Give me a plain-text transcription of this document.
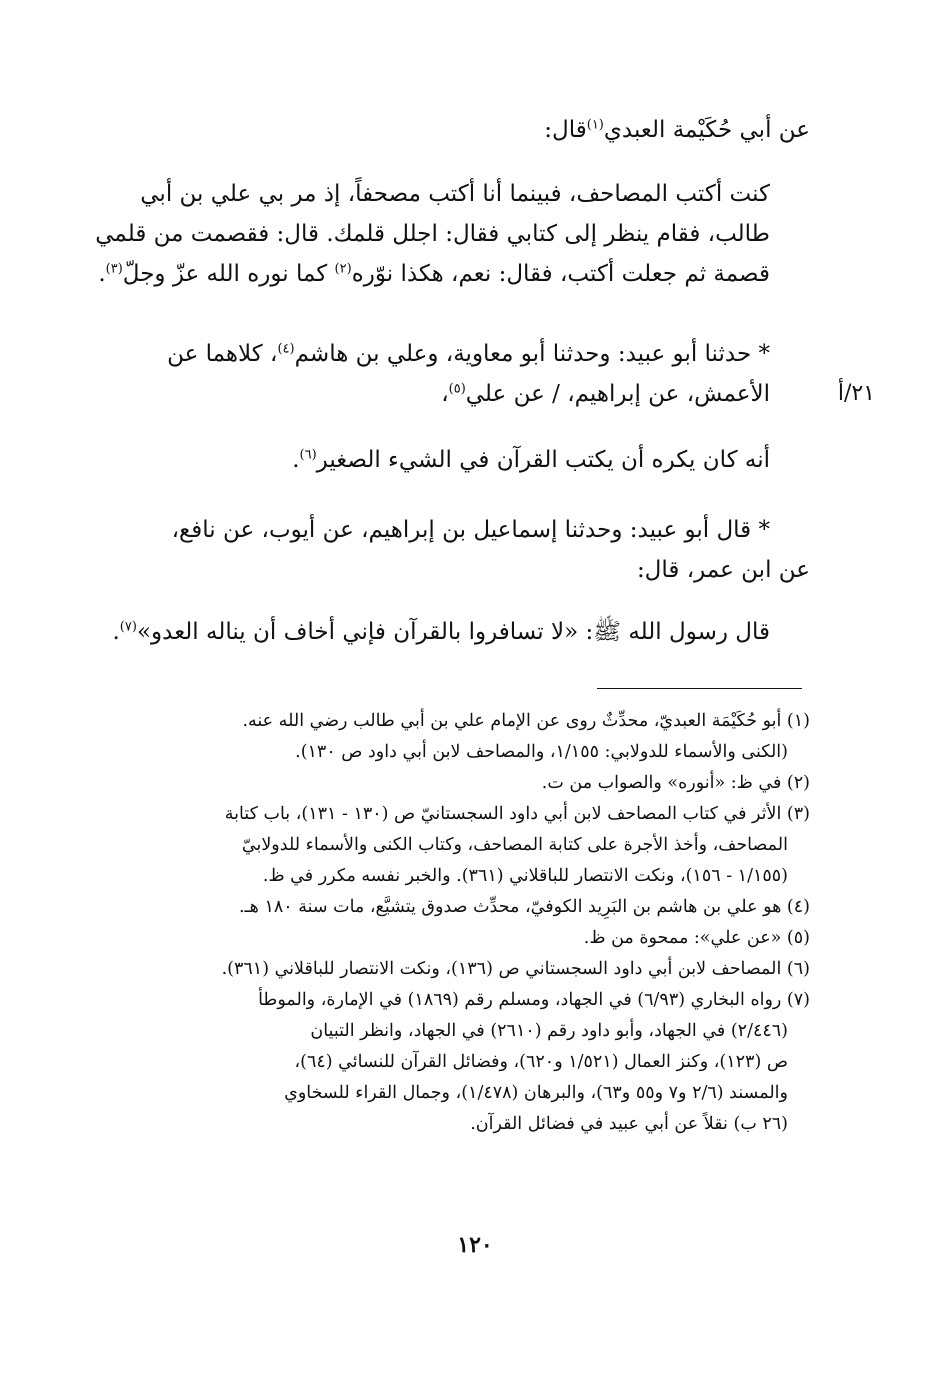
عن أبي حُكَيْمة العبدي$^{(١)}$قال:
كنت أكتب المصاحف، فبينما أنا أكتب مصحفاً، إذ مر بي علي بن أبي
طالب، فقام ينظر إلى كتابي فقال: اجلل قلمك. قال: فقصمت من قلمي
قصمة ثم جعلت أكتب، فقال: نعم، هكذا نوّره$^{(٢)}$ كما نوره الله عزّ وجلّ$^{(٣)}$.
* حدثنا أبو عبيد: وحدثنا أبو معاوية، وعلي بن هاشم$^{(٤)}$، كلاهما عن
الأعمش، عن إبراهيم، / عن علي$^{(٥)}$،	٢١/أ
أنه كان يكره أن يكتب القرآن في الشيء الصغير$^{(٦)}$.
* قال أبو عبيد: وحدثنا إسماعيل بن إبراهيم، عن أيوب، عن نافع،
عن ابن عمر، قال:
قال رسول الله ﷺ: «لا تسافروا بالقرآن فإني أخاف أن يناله العدو»$^{(٧)}$.
(١) أبو حُكَيْمَة العبديّ، محدِّثٌ روى عن الإمام علي بن أبي طالب رضي الله عنه.
(الكنى والأسماء للدولابي: ١/١٥٥، والمصاحف لابن أبي داود ص ١٣٠).
(٢) في ظ: «أنوره» والصواب من ت.
(٣) الأثر في كتاب المصاحف لابن أبي داود السجستانيّ ص (١٣٠ - ١٣١)، باب كتابة
المصاحف، وأخذ الأجرة على كتابة المصاحف، وكتاب الكنى والأسماء للدولابيّ
(١/١٥٥ - ١٥٦)، ونكت الانتصار للباقلاني (٣٦١). والخبر نفسه مكرر في ظ.
(٤) هو علي بن هاشم بن البَرِيد الكوفيّ، محدِّث صدوق يتشيَّع، مات سنة ١٨٠ هـ.
(٥) «عن علي»: ممحوة من ظ.
(٦) المصاحف لابن أبي داود السجستاني ص (١٣٦)، ونكت الانتصار للباقلاني (٣٦١).
(٧) رواه البخاري (٦/٩٣) في الجهاد، ومسلم رقم (١٨٦٩) في الإمارة، والموطأ
(٢/٤٤٦) في الجهاد، وأبو داود رقم (٢٦١٠) في الجهاد، وانظر التبيان
ص (١٢٣)، وكنز العمال (١/٥٢١ و٦٢٠)، وفضائل القرآن للنسائي (٦٤)،
والمسند (٢/٦ و٧ و٥٥ و٦٣)، والبرهان (١/٤٧٨)، وجمال القراء للسخاوي
(٢٦ ب) نقلاً عن أبي عبيد في فضائل القرآن.
١٢٠
